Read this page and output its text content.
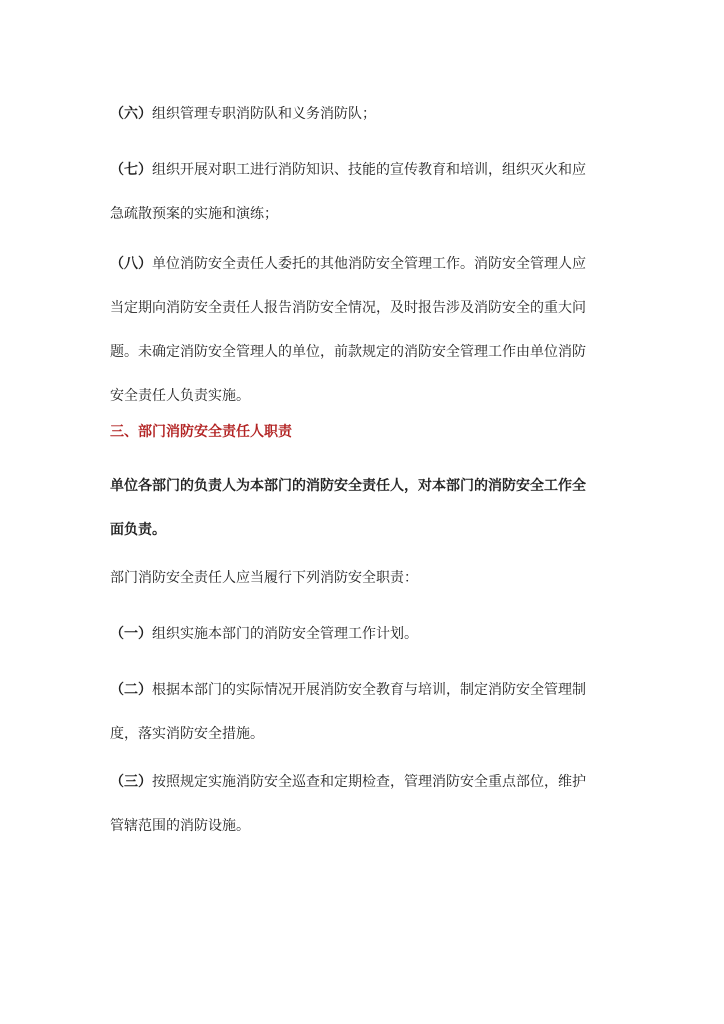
（六）组织管理专职消防队和义务消防队；
（七）组织开展对职工进行消防知识、技能的宣传教育和培训，组织灭火和应
急疏散预案的实施和演练；
（八）单位消防安全责任人委托的其他消防安全管理工作。消防安全管理人应
当定期向消防安全责任人报告消防安全情况，及时报告涉及消防安全的重大问
题。未确定消防安全管理人的单位，前款规定的消防安全管理工作由单位消防
安全责任人负责实施。
三、部门消防安全责任人职责
单位各部门的负责人为本部门的消防安全责任人，对本部门的消防安全工作全
面负责。
部门消防安全责任人应当履行下列消防安全职责：
（一）组织实施本部门的消防安全管理工作计划。
（二）根据本部门的实际情况开展消防安全教育与培训，制定消防安全管理制
度，落实消防安全措施。
（三）按照规定实施消防安全巡查和定期检查，管理消防安全重点部位，维护
管辖范围的消防设施。
